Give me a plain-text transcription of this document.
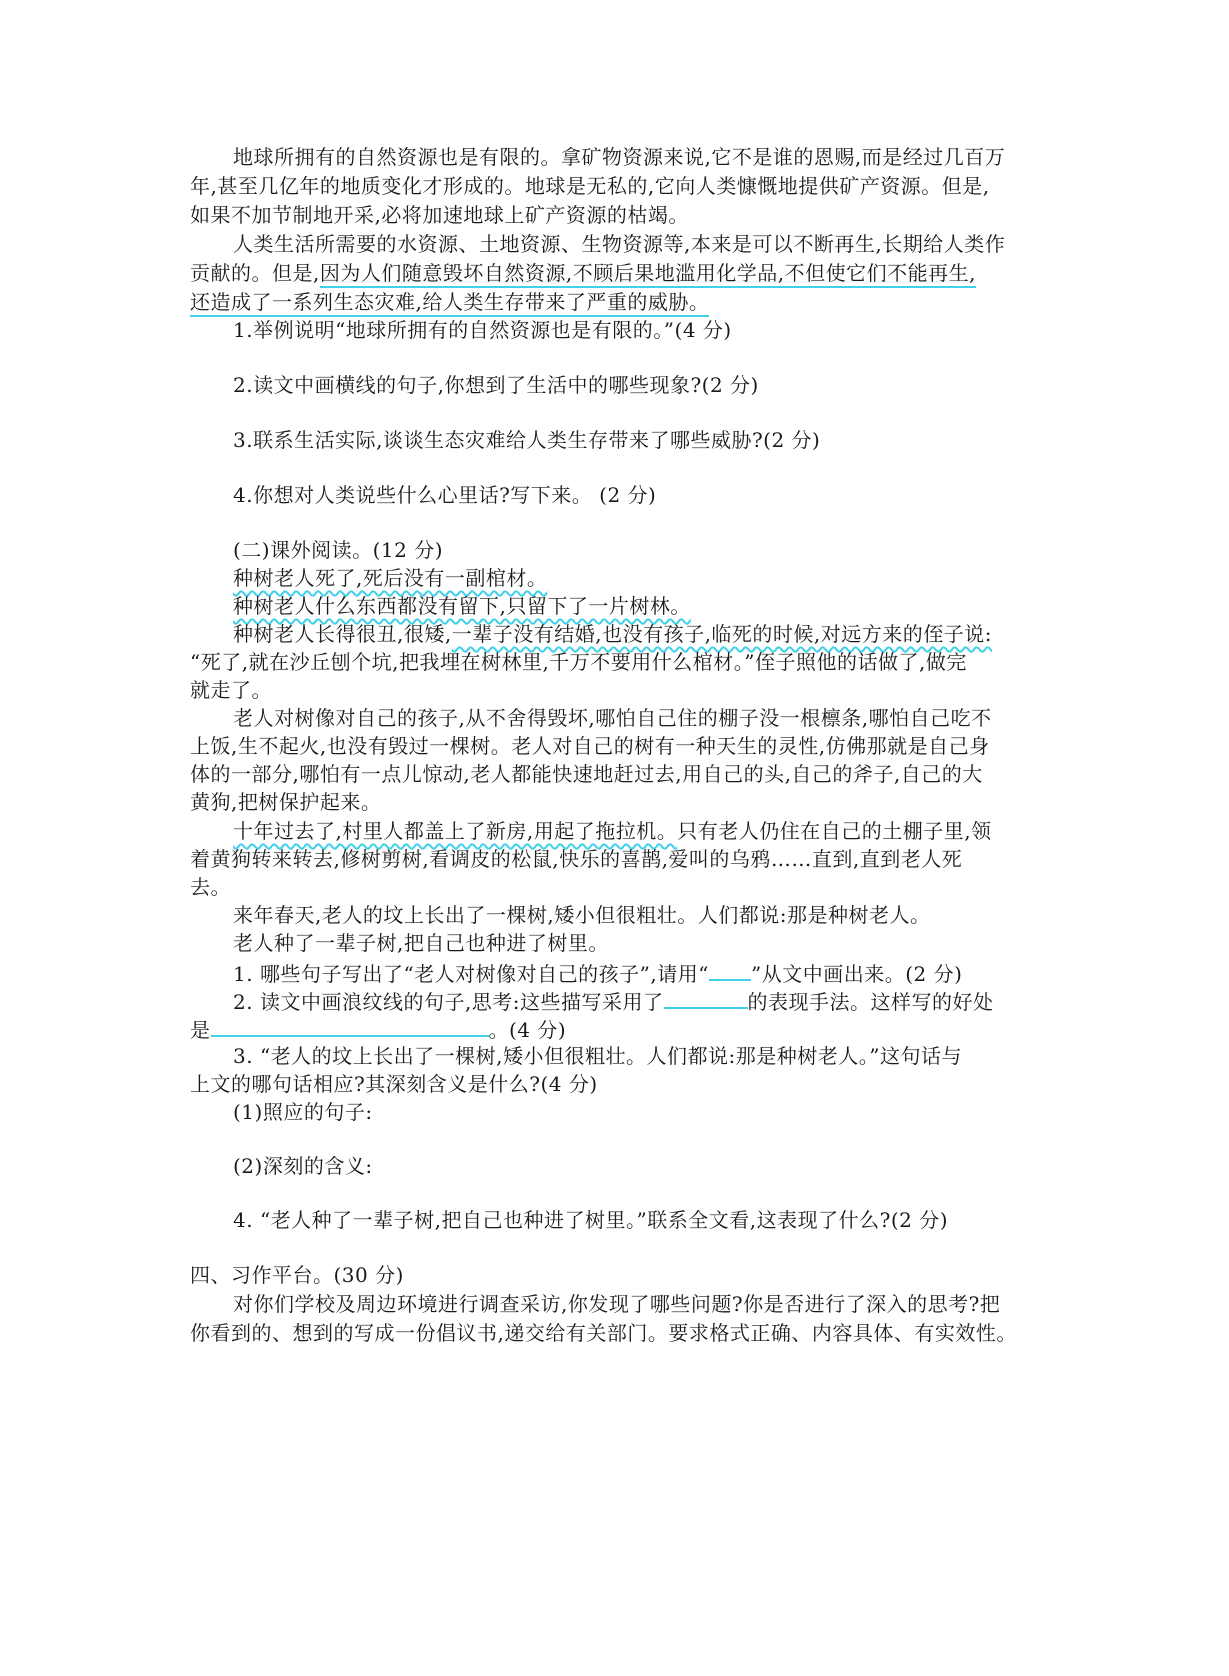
地球所拥有的自然资源也是有限的。拿矿物资源来说,它不是谁的恩赐,而是经过几百万
年,甚至几亿年的地质变化才形成的。地球是无私的,它向人类慷慨地提供矿产资源。但是,
如果不加节制地开采,必将加速地球上矿产资源的枯竭。
人类生活所需要的水资源、土地资源、生物资源等,本来是可以不断再生,长期给人类作
贡献的。但是,因为人们随意毁坏自然资源,不顾后果地滥用化学品,不但使它们不能再生,
还造成了一系列生态灾难,给人类生存带来了严重的威胁。
1.举例说明“地球所拥有的自然资源也是有限的。”(4 分)
2.读文中画横线的句子,你想到了生活中的哪些现象?(2 分)
3.联系生活实际,谈谈生态灾难给人类生存带来了哪些威胁?(2 分)
4.你想对人类说些什么心里话?写下来。 (2 分)
(二)课外阅读。(12 分)
种树老人死了,死后没有一副棺材。
种树老人什么东西都没有留下,只留下了一片树林。
种树老人长得很丑,很矮,一辈子没有结婚,也没有孩子,临死的时候,对远方来的侄子说:
“死了,就在沙丘刨个坑,把我埋在树林里,千万不要用什么棺材。”侄子照他的话做了,做完
就走了。
老人对树像对自己的孩子,从不舍得毁坏,哪怕自己住的棚子没一根檩条,哪怕自己吃不
上饭,生不起火,也没有毁过一棵树。老人对自己的树有一种天生的灵性,仿佛那就是自己身
体的一部分,哪怕有一点儿惊动,老人都能快速地赶过去,用自己的头,自己的斧子,自己的大
黄狗,把树保护起来。
十年过去了,村里人都盖上了新房,用起了拖拉机。只有老人仍住在自己的土棚子里,领
着黄狗转来转去,修树剪树,看调皮的松鼠,快乐的喜鹊,爱叫的乌鸦……直到,直到老人死
去。
来年春天,老人的坟上长出了一棵树,矮小但很粗壮。人们都说:那是种树老人。
老人种了一辈子树,把自己也种进了树里。
1. 哪些句子写出了“老人对树像对自己的孩子”,请用“ ”从文中画出来。(2 分)
2. 读文中画浪纹线的句子,思考:这些描写采用了	的表现手法。这样写的好处
是	。(4 分)
3. “老人的坟上长出了一棵树,矮小但很粗壮。人们都说:那是种树老人。”这句话与
上文的哪句话相应?其深刻含义是什么?(4 分)
(1)照应的句子:
(2)深刻的含义:
4. “老人种了一辈子树,把自己也种进了树里。”联系全文看,这表现了什么?(2 分)
四、习作平台。(30 分)
对你们学校及周边环境进行调查采访,你发现了哪些问题?你是否进行了深入的思考?把
你看到的、想到的写成一份倡议书,递交给有关部门。要求格式正确、内容具体、有实效性。
